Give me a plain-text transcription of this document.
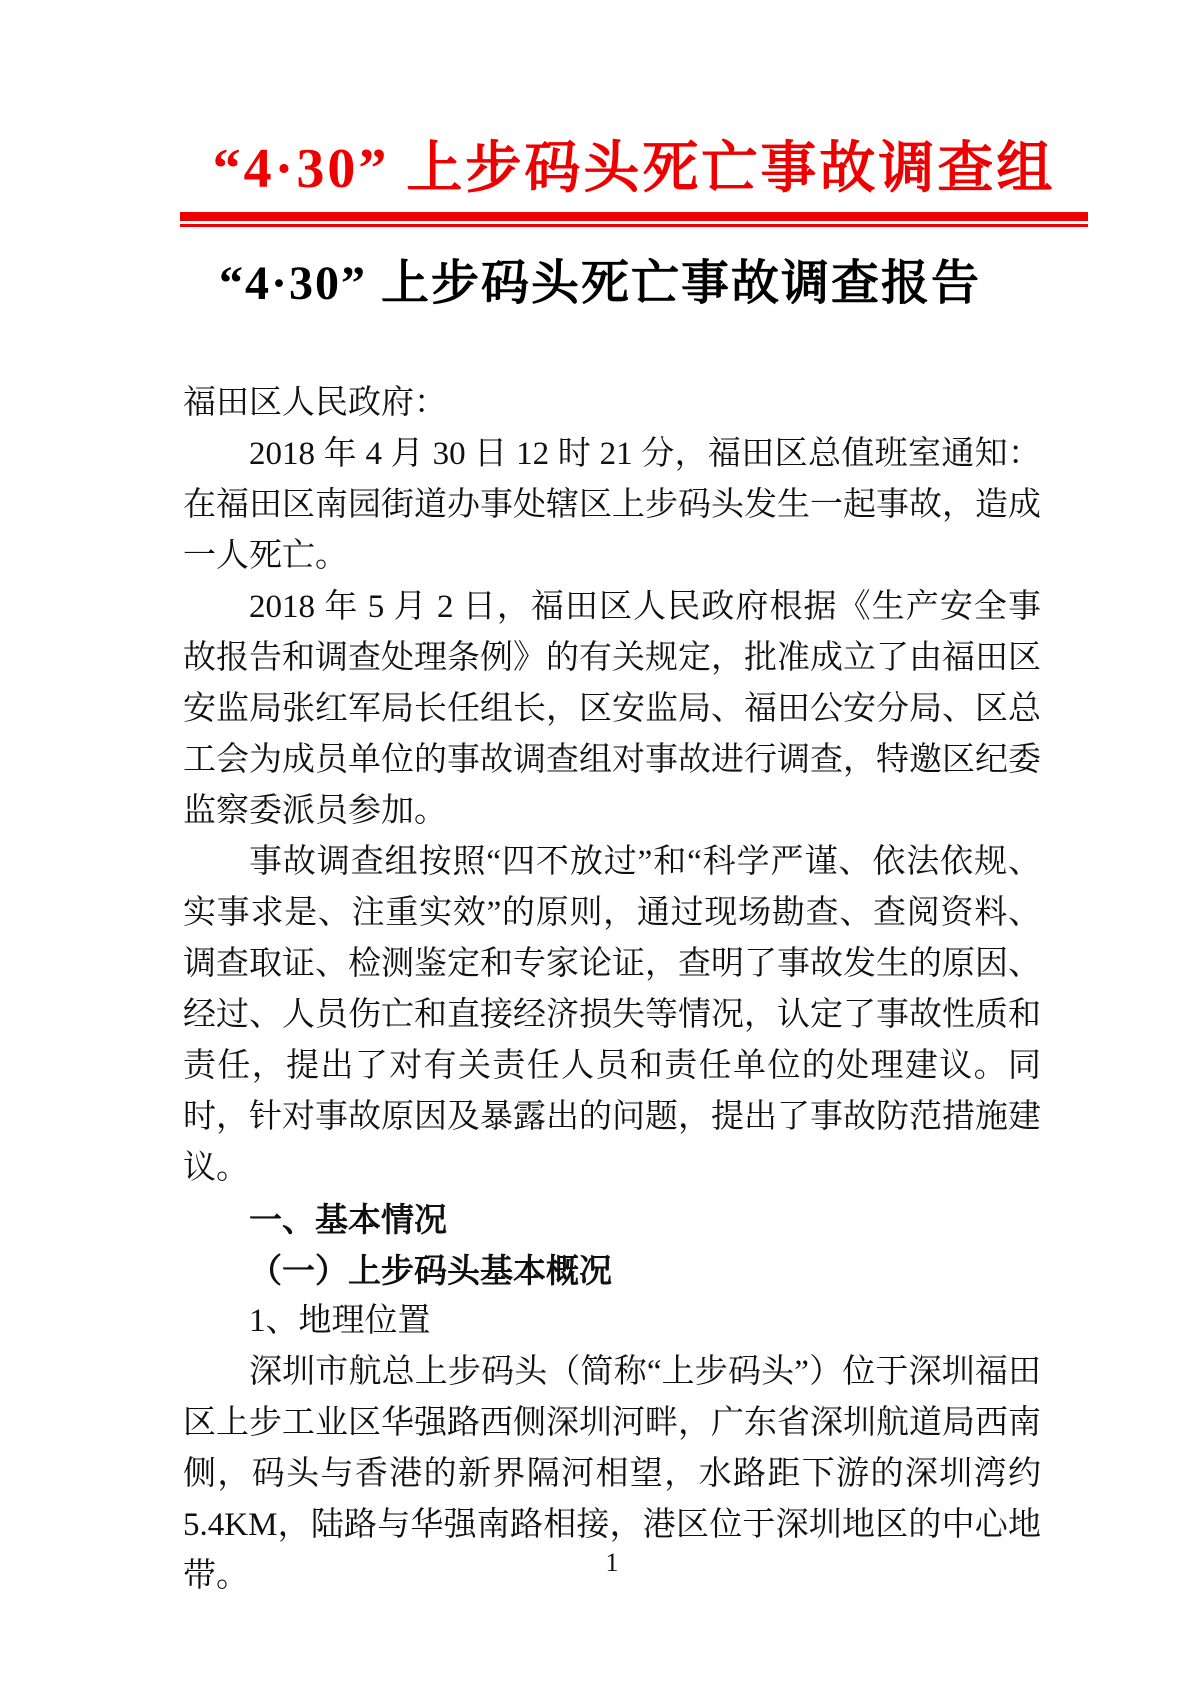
“4·30” 上步码头死亡事故调查组
“4·30” 上步码头死亡事故调查报告
福田区人民政府：
2018 年 4 月 30 日 12 时 21 分，福田区总值班室通知：在福田区南园街道办事处辖区上步码头发生一起事故，造成一人死亡。
2018 年 5 月 2 日，福田区人民政府根据《生产安全事故报告和调查处理条例》的有关规定，批准成立了由福田区安监局张红军局长任组长，区安监局、福田公安分局、区总工会为成员单位的事故调查组对事故进行调查，特邀区纪委监察委派员参加。
事故调查组按照“四不放过”和“科学严谨、依法依规、实事求是、注重实效”的原则，通过现场勘查、查阅资料、调查取证、检测鉴定和专家论证，查明了事故发生的原因、经过、人员伤亡和直接经济损失等情况，认定了事故性质和责任，提出了对有关责任人员和责任单位的处理建议。同时，针对事故原因及暴露出的问题，提出了事故防范措施建议。
一、基本情况
（一）上步码头基本概况
1、地理位置
深圳市航总上步码头（简称“上步码头”）位于深圳福田区上步工业区华强路西侧深圳河畔，广东省深圳航道局西南侧，码头与香港的新界隔河相望，水路距下游的深圳湾约 5.4KM，陆路与华强南路相接，港区位于深圳地区的中心地带。	1
